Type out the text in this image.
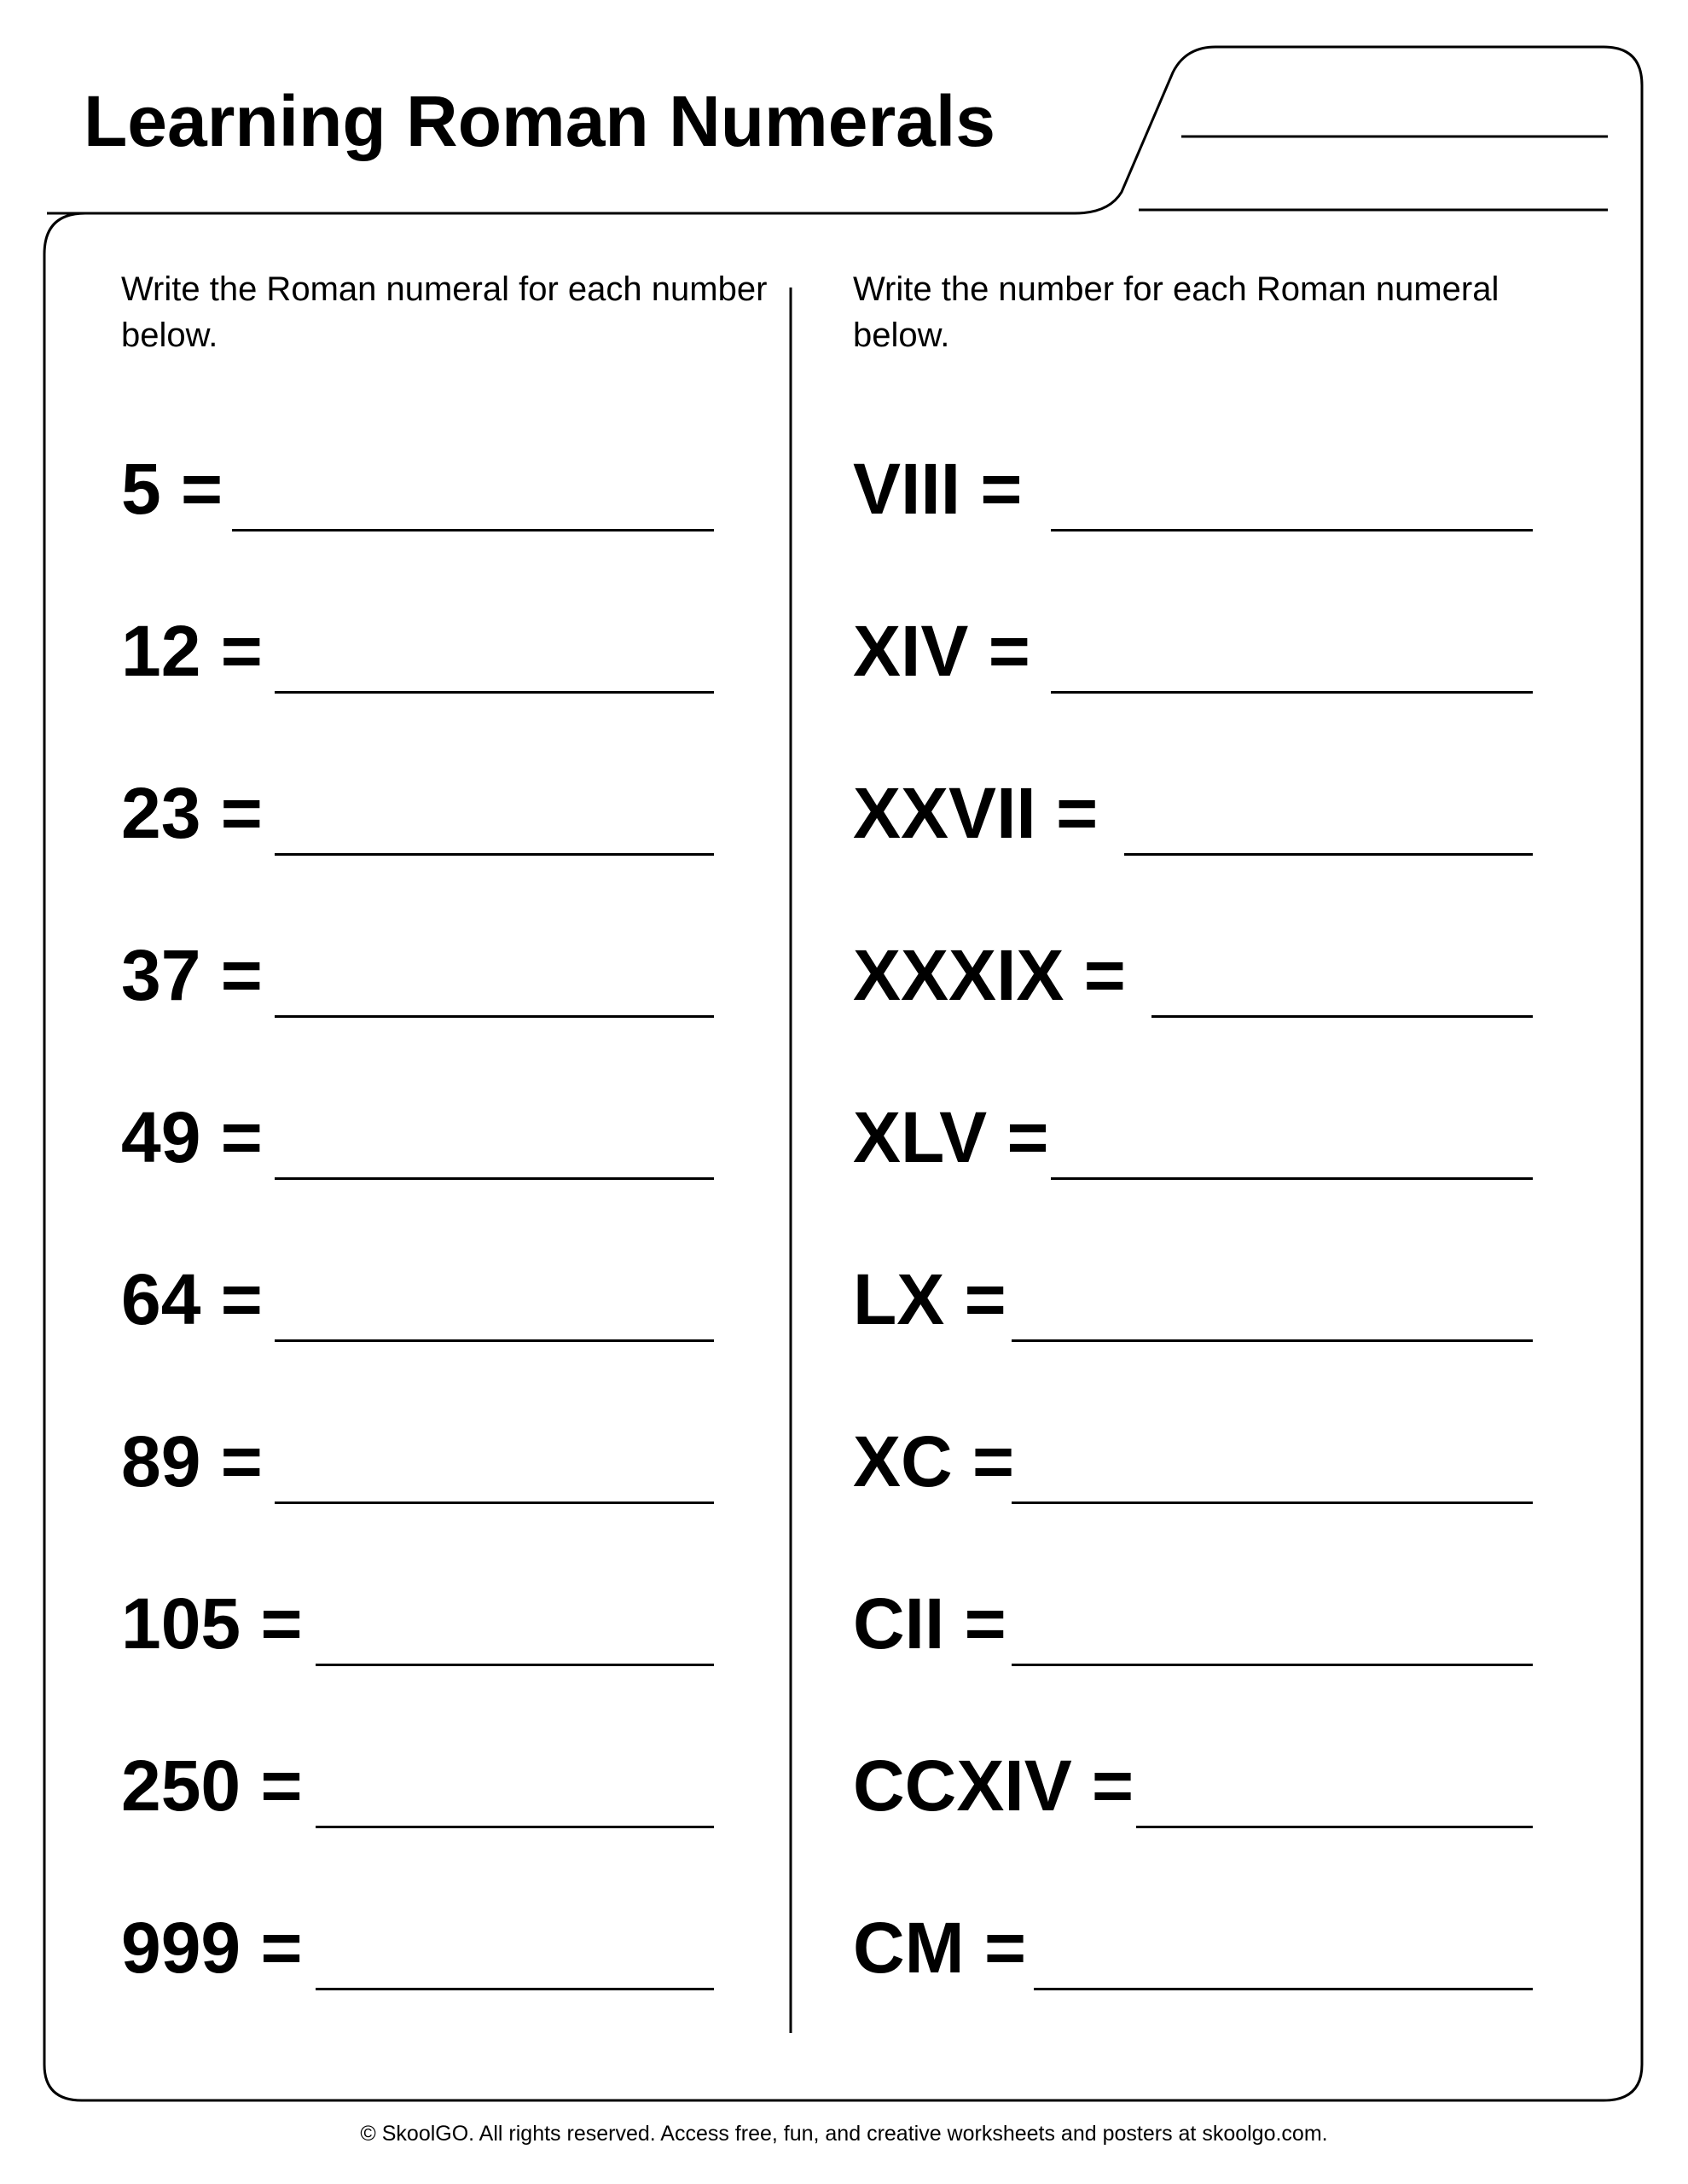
Learning Roman Numerals
Write the Roman numeral for each number below.
Write the number for each Roman numeral below.
5 =
12 =
23 =
37 =
49 =
64 =
89 =
105 =
250 =
999 =
VIII =
XIV =
XXVII =
XXXIX =
XLV =
LX =
XC =
CII =
CCXIV =
CM =
© SkoolGO. All rights reserved. Access free, fun, and creative worksheets and posters at skoolgo.com.
